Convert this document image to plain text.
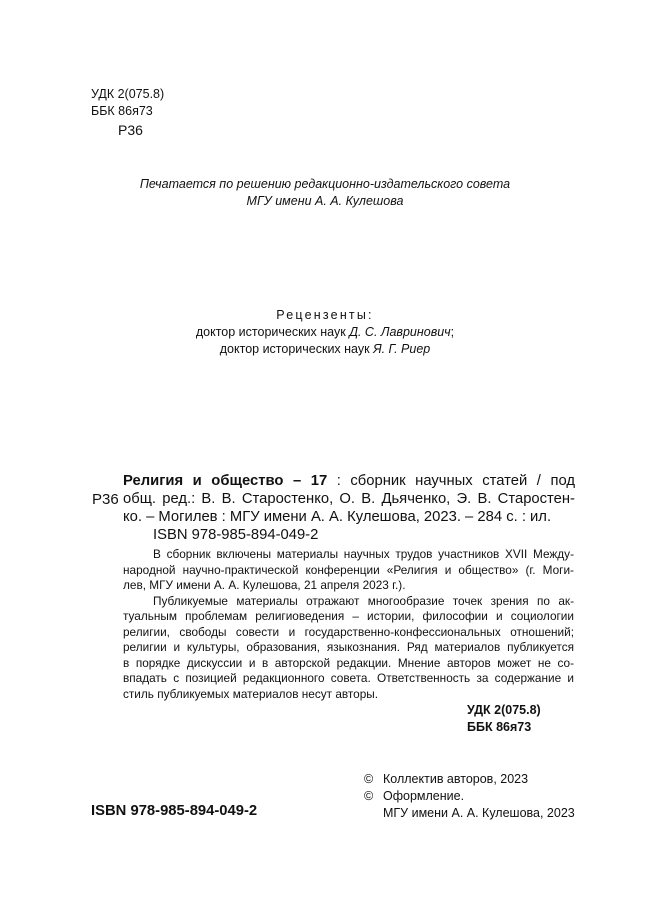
УДК 2(075.8)
ББК 86я73
Р36
Печатается по решению редакционно-издательского совета
МГУ имени А. А. Кулешова
Рецензенты:
доктор исторических наук Д. С. Лавринович;
доктор исторических наук Я. Г. Риер
Р36
Религия и общество – 17 : сборник научных статей / под
общ. ред.: В. В. Старостенко, О. В. Дьяченко, Э. В. Старостен-
ко. – Могилев : МГУ имени А. А. Кулешова, 2023. – 284 с. : ил.
ISBN 978-985-894-049-2
В сборник включены материалы научных трудов участников XVII Между-
народной научно-практической конференции «Религия и общество» (г. Моги-
лев, МГУ имени А. А. Кулешова, 21 апреля 2023 г.).
Публикуемые материалы отражают многообразие точек зрения по ак-
туальным проблемам религиоведения – истории, философии и социологии
религии, свободы совести и государственно-конфессиональных отношений;
религии и культуры, образования, языкознания. Ряд материалов публикуется
в порядке дискуссии и в авторской редакции. Мнение авторов может не со-
впадать с позицией редакционного совета. Ответственность за содержание и
стиль публикуемых материалов несут авторы.
УДК 2(075.8)
ББК 86я73
© Коллектив авторов, 2023
© Оформление.
МГУ имени А. А. Кулешова, 2023
ISBN 978-985-894-049-2
